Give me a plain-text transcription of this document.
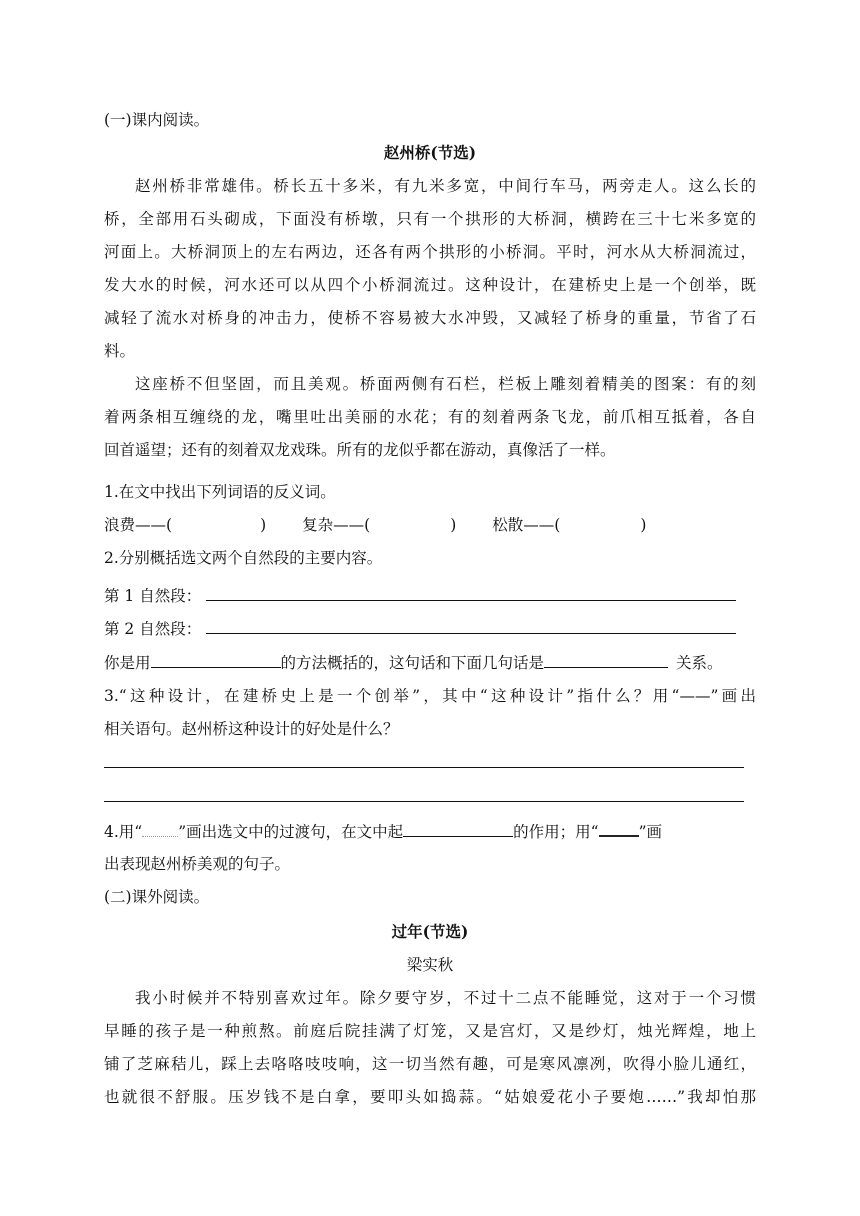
(一)课内阅读。
赵州桥(节选)
赵州桥非常雄伟。桥长五十多米，有九米多宽，中间行车马，两旁走人。这么长的
桥，全部用石头砌成，下面没有桥墩，只有一个拱形的大桥洞，横跨在三十七米多宽的
河面上。大桥洞顶上的左右两边，还各有两个拱形的小桥洞。平时，河水从大桥洞流过，
发大水的时候，河水还可以从四个小桥洞流过。这种设计，在建桥史上是一个创举，既
减轻了流水对桥身的冲击力，使桥不容易被大水冲毁，又减轻了桥身的重量，节省了石
料。
这座桥不但坚固，而且美观。桥面两侧有石栏，栏板上雕刻着精美的图案：有的刻
着两条相互缠绕的龙，嘴里吐出美丽的水花；有的刻着两条飞龙，前爪相互抵着，各自
回首遥望；还有的刻着双龙戏珠。所有的龙似乎都在游动，真像活了一样。
1.在文中找出下列词语的反义词。
浪费——(	) 复杂——(	) 松散——(	)
2.分别概括选文两个自然段的主要内容。
第 1 自然段：
第 2 自然段：
你是用	的方法概括的，这句话和下面几句话是	关系。
3.“这种设计，在建桥史上是一个创举”，其中“这种设计”指什么？用“——”画出
相关语句。赵州桥这种设计的好处是什么？
4.用“ ”画出选文中的过渡句，在文中起	的作用；用“	”画
出表现赵州桥美观的句子。
(二)课外阅读。
过年(节选)
梁实秋
我小时候并不特别喜欢过年。除夕要守岁，不过十二点不能睡觉，这对于一个习惯
早睡的孩子是一种煎熬。前庭后院挂满了灯笼，又是宫灯，又是纱灯，烛光辉煌，地上
铺了芝麻秸儿，踩上去咯咯吱吱响，这一切当然有趣，可是寒风凛冽，吹得小脸儿通红，
也就很不舒服。压岁钱不是白拿，要叩头如捣蒜。“姑娘爱花小子要炮……”我却怕那
